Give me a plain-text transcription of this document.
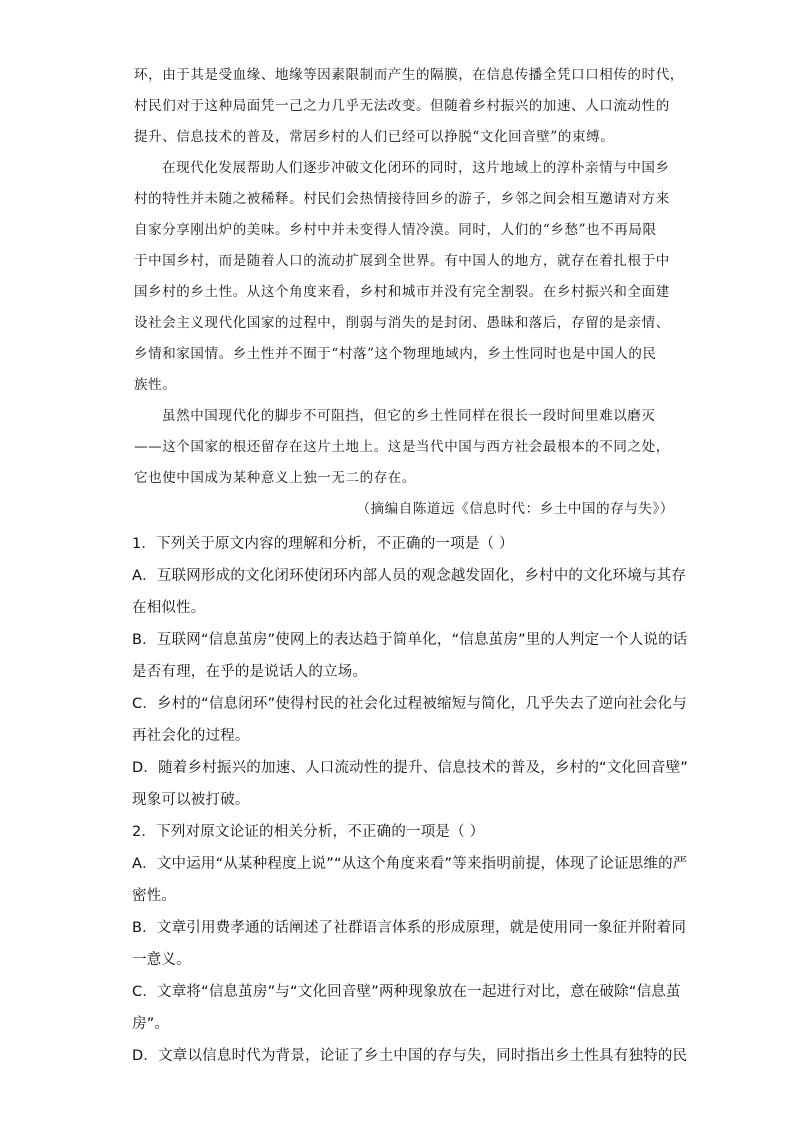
环，由于其是受血缘、地缘等因素限制而产生的隔膜，在信息传播全凭口口相传的时代，
村民们对于这种局面凭一己之力几乎无法改变。但随着乡村振兴的加速、人口流动性的
提升、信息技术的普及，常居乡村的人们已经可以挣脱“文化回音壁”的束缚。
在现代化发展帮助人们逐步冲破文化闭环的同时，这片地域上的淳朴亲情与中国乡
村的特性并未随之被稀释。村民们会热情接待回乡的游子，乡邻之间会相互邀请对方来
自家分享刚出炉的美味。乡村中并未变得人情冷漠。同时，人们的“乡愁”也不再局限
于中国乡村，而是随着人口的流动扩展到全世界。有中国人的地方，就存在着扎根于中
国乡村的乡土性。从这个角度来看，乡村和城市并没有完全割裂。在乡村振兴和全面建
设社会主义现代化国家的过程中，削弱与消失的是封闭、愚昧和落后，存留的是亲情、
乡情和家国情。乡土性并不囿于“村落”这个物理地域内，乡土性同时也是中国人的民
族性。
虽然中国现代化的脚步不可阻挡，但它的乡土性同样在很长一段时间里难以磨灭
——这个国家的根还留存在这片土地上。这是当代中国与西方社会最根本的不同之处，
它也使中国成为某种意义上独一无二的存在。
（摘编自陈道远《信息时代：乡土中国的存与失》）
1．下列关于原文内容的理解和分析，不正确的一项是（ ）
A．互联网形成的文化闭环使闭环内部人员的观念越发固化，乡村中的文化环境与其存
在相似性。
B．互联网“信息茧房”使网上的表达趋于简单化，“信息茧房”里的人判定一个人说的话
是否有理，在乎的是说话人的立场。
C．乡村的“信息闭环”使得村民的社会化过程被缩短与简化，几乎失去了逆向社会化与
再社会化的过程。
D．随着乡村振兴的加速、人口流动性的提升、信息技术的普及，乡村的“文化回音壁”
现象可以被打破。
2．下列对原文论证的相关分析，不正确的一项是（ ）
A．文中运用“从某种程度上说”“从这个角度来看”等来指明前提，体现了论证思维的严
密性。
B．文章引用费孝通的话阐述了社群语言体系的形成原理，就是使用同一象征并附着同
一意义。
C．文章将“信息茧房”与“文化回音壁”两种现象放在一起进行对比，意在破除“信息茧
房”。
D．文章以信息时代为背景，论证了乡土中国的存与失，同时指出乡土性具有独特的民
